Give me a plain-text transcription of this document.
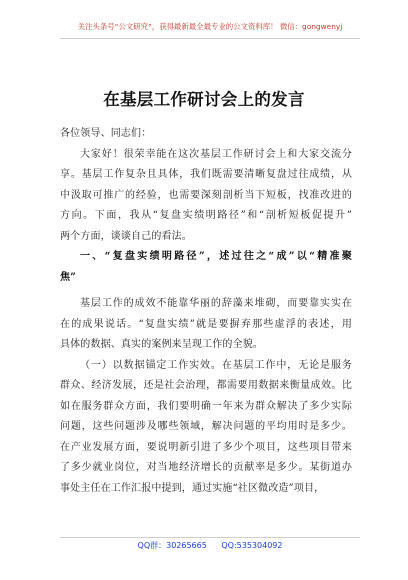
关注头条号“公文研究”，获得最新最全最专业的公文资料库！ 微信：gongwenyj
在基层工作研讨会上的发言
各位领导、同志们：
大家好！很荣幸能在这次基层工作研讨会上和大家交流分
享。基层工作复杂且具体，我们既需要清晰复盘过往成绩，从
中汲取可推广的经验，也需要深刻剖析当下短板，找准改进的
方向。下面，我从“复盘实绩明路径”和“剖析短板促提升”
两个方面，谈谈自己的看法。
一、“复盘实绩明路径”，述过往之“成”以“精准聚
焦”
基层工作的成效不能靠华丽的辞藻来堆砌，而要靠实实在
在的成果说话。“复盘实绩”就是要摒弃那些虚浮的表述，用
具体的数据、真实的案例来呈现工作的全貌。
（一）以数据锚定工作实效。在基层工作中，无论是服务
群众、经济发展，还是社会治理，都需要用数据来衡量成效。比
如在服务群众方面，我们要明确一年来为群众解决了多少实际
问题，这些问题涉及哪些领域，解决问题的平均用时是多少。
在产业发展方面，要说明新引进了多少个项目，这些项目带来
了多少就业岗位，对当地经济增长的贡献率是多少。某街道办
事处主任在工作汇报中提到，通过实施“社区微改造”项目，
QQ群：30265665 QQ:535304092
